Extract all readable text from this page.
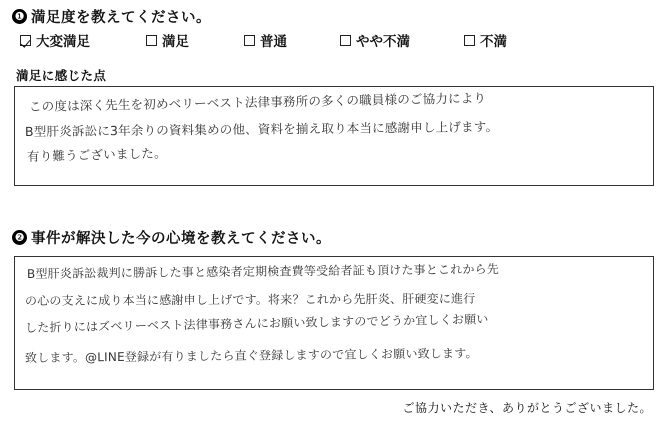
❶ 満足度を教えてください。
大変満足	満足	普通	やや不満	不満
満足に感じた点
この度は深く先生を初めベリーベスト法律事務所の多くの職員様のご協力により
B型肝炎訴訟に3年余りの資料集めの他、資料を揃え取り本当に感謝申し上げます。
有り難うございました。
❷ 事件が解決した今の心境を教えてください。
B型肝炎訴訟裁判に勝訴した事と感染者定期検査費等受給者証も頂けた事とこれから先
の心の支えに成り本当に感謝申し上げです。将来？これから先肝炎、肝硬変に進行
した折りにはズベリーベスト法律事務さんにお願い致しますのでどうか宜しくお願い
致します。@LINE登録が有りましたら直ぐ登録しますので宜しくお願い致します。
ご協力いただき、ありがとうございました。
